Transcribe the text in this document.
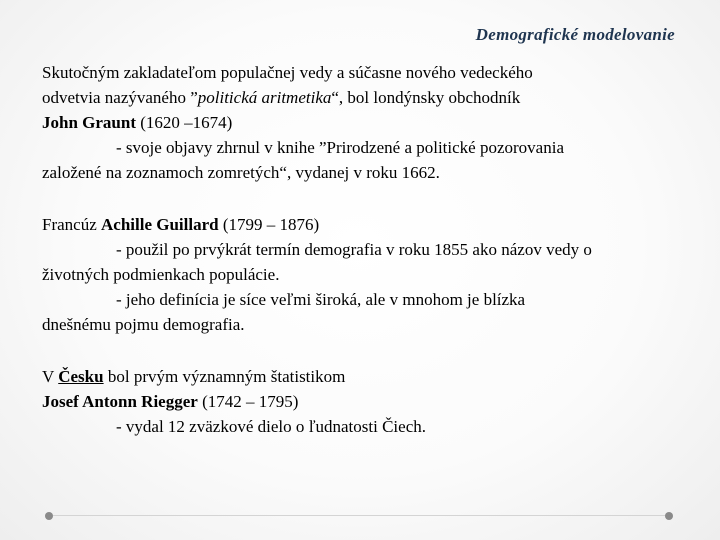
Demografické modelovanie

Skutočným zakladateľom populačnej vedy a súčasne nového vedeckého

odvetvia nazývaného ”politická aritmetika“, bol londýnsky obchodník

John Graunt (1620 –1674)

- svoje objavy zhrnul v knihe ”Prirodzené a politické pozorovania

založené na zoznamoch zomretých“, vydanej v roku 1662.

Francúz Achille Guillard (1799 – 1876)

- použil po prvýkrát termín demografia v roku 1855 ako názov vedy o

životných podmienkach populácie.

- jeho definícia je síce veľmi široká, ale v mnohom je blízka

dnešnému pojmu demografia.

V Česku bol prvým významným štatistikom

Josef Antonn Riegger (1742 – 1795)

- vydal 12 zväzkové dielo o ľudnatosti Čiech.
